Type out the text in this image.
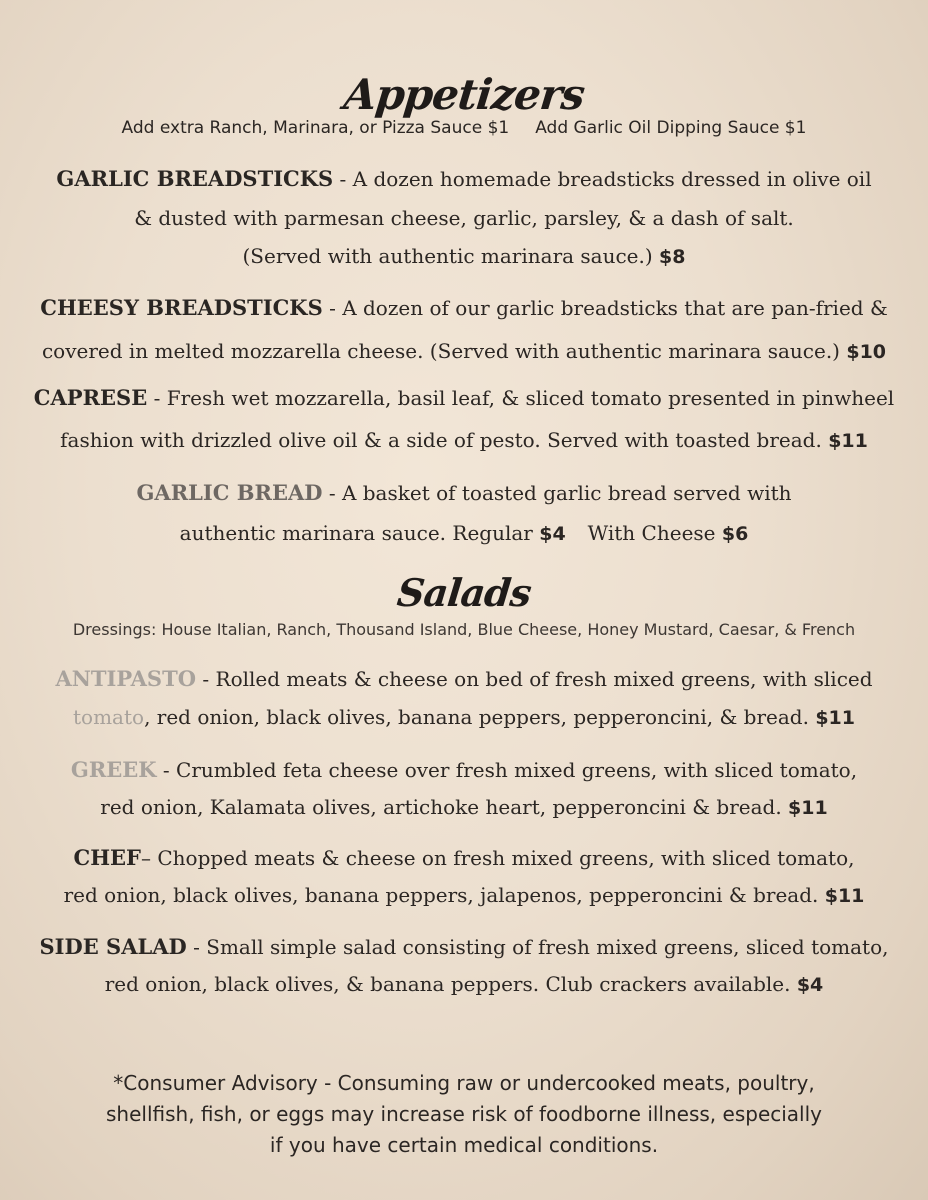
Appetizers
Add extra Ranch, Marinara, or Pizza Sauce $1 Add Garlic Oil Dipping Sauce $1
GARLIC BREADSTICKS - A dozen homemade breadsticks dressed in olive oil
& dusted with parmesan cheese, garlic, parsley, & a dash of salt.
(Served with authentic marinara sauce.) $8
CHEESY BREADSTICKS - A dozen of our garlic breadsticks that are pan-fried &
covered in melted mozzarella cheese. (Served with authentic marinara sauce.) $10
CAPRESE - Fresh wet mozzarella, basil leaf, & sliced tomato presented in pinwheel
fashion with drizzled olive oil & a side of pesto. Served with toasted bread. $11
GARLIC BREAD - A basket of toasted garlic bread served with
authentic marinara sauce. Regular $4 With Cheese $6
Salads
Dressings: House Italian, Ranch, Thousand Island, Blue Cheese, Honey Mustard, Caesar, & French
ANTIPASTO - Rolled meats & cheese on bed of fresh mixed greens, with sliced
tomato, red onion, black olives, banana peppers, pepperoncini, & bread. $11
GREEK - Crumbled feta cheese over fresh mixed greens, with sliced tomato,
red onion, Kalamata olives, artichoke heart, pepperoncini & bread. $11
CHEF– Chopped meats & cheese on fresh mixed greens, with sliced tomato,
red onion, black olives, banana peppers, jalapenos, pepperoncini & bread. $11
SIDE SALAD - Small simple salad consisting of fresh mixed greens, sliced tomato,
red onion, black olives, & banana peppers. Club crackers available. $4
*Consumer Advisory - Consuming raw or undercooked meats, poultry,
shellfish, fish, or eggs may increase risk of foodborne illness, especially
if you have certain medical conditions.
